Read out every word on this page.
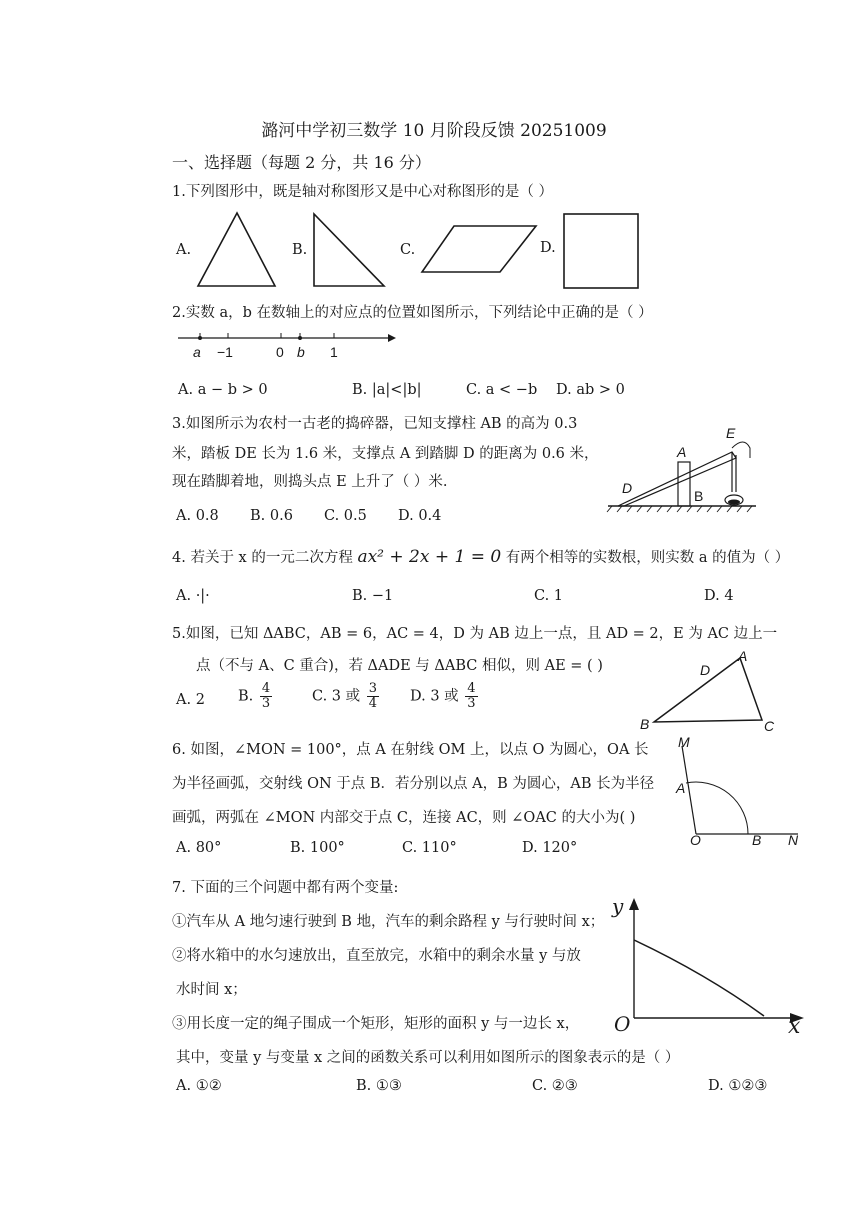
潞河中学初三数学 10 月阶段反馈 20251009
一、选择题（每题 2 分，共 16 分）
1.下列图形中，既是轴对称图形又是中心对称图形的是（ ）
A.	B.	C.	D.
2.实数 a，b 在数轴上的对应点的位置如图所示，下列结论中正确的是（ ）
a −1	0 b 1
A. a − b > 0	B. |a|<|b|	C. a < −b D. ab > 0
3.如图所示为农村一古老的捣碎器，已知支撑柱 AB 的高为 0.3
米，踏板 DE 长为 1.6 米，支撑点 A 到踏脚 D 的距离为 0.6 米，
现在踏脚着地，则捣头点 E 上升了（ ）米.
A. 0.8 B. 0.6 C. 0.5 D. 0.4
E
A
D	B
4. 若关于 x 的一元二次方程 ax² + 2x + 1 = 0 有两个相等的实数根，则实数 a 的值为（ ）
A. ·|·	B. −1	C. 1	D. 4
5.如图，已知 ΔABC，AB = 6，AC = 4，D 为 AB 边上一点，且 AD = 2，E 为 AC 边上一
点（不与 A、C 重合)，若 ΔADE 与 ΔABC 相似，则 AE = ( )
A. 2 B. $\frac{4}{3}$	C. 3 或 $\frac{3}{4} D$. 3 或 $\frac{4}{3}$
A
D
B	C
6. 如图，∠MON = 100°，点 A 在射线 OM 上，以点 O 为圆心，OA 长
为半径画弧，交射线 ON 于点 B．若分别以点 A，B 为圆心，AB 长为半径
画弧，两弧在 ∠MON 内部交于点 C，连接 AC，则 ∠OAC 的大小为( )
A. 80°	B. 100°	C. 110°	D. 120°
M
A
O	B N
7. 下面的三个问题中都有两个变量:
①汽车从 A 地匀速行驶到 B 地，汽车的剩余路程 y 与行驶时间 x；
②将水箱中的水匀速放出，直至放完，水箱中的剩余水量 y 与放
水时间 x；
③用长度一定的绳子围成一个矩形，矩形的面积 y 与一边长 x，
其中，变量 y 与变量 x 之间的函数关系可以利用如图所示的图象表示的是（ ）
A. ①②	B. ①③	C. ②③	D. ①②③
y
O	x
